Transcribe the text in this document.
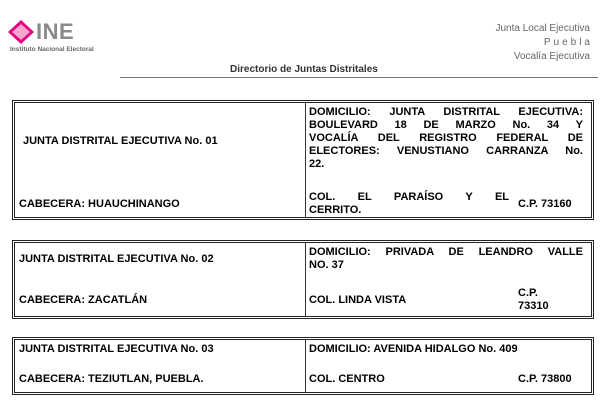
INE
Instituto Nacional Electoral
Junta Local Ejecutiva
Puebla
Vocalía Ejecutiva
Directorio de Juntas Distritales
JUNTA DISTRITAL EJECUTIVA No. 01
CABECERA: HUAUCHINANGO
DOMICILIO: JUNTA DISTRITAL EJECUTIVA:
BOULEVARD 18 DE MARZO No. 34 Y
VOCALÍA DEL REGISTRO FEDERAL DE
ELECTORES: VENUSTIANO CARRANZA No.
22.
COL. EL PARAÍSO Y EL
CERRITO.	C.P. 73160
JUNTA DISTRITAL EJECUTIVA No. 02
CABECERA: ZACATLÁN
DOMICILIO: PRIVADA DE LEANDRO VALLE
NO. 37
COL. LINDA VISTA
C.P.
73310
JUNTA DISTRITAL EJECUTIVA No. 03
CABECERA: TEZIUTLAN, PUEBLA.
DOMICILIO: AVENIDA HIDALGO No. 409
COL. CENTRO	C.P. 73800
